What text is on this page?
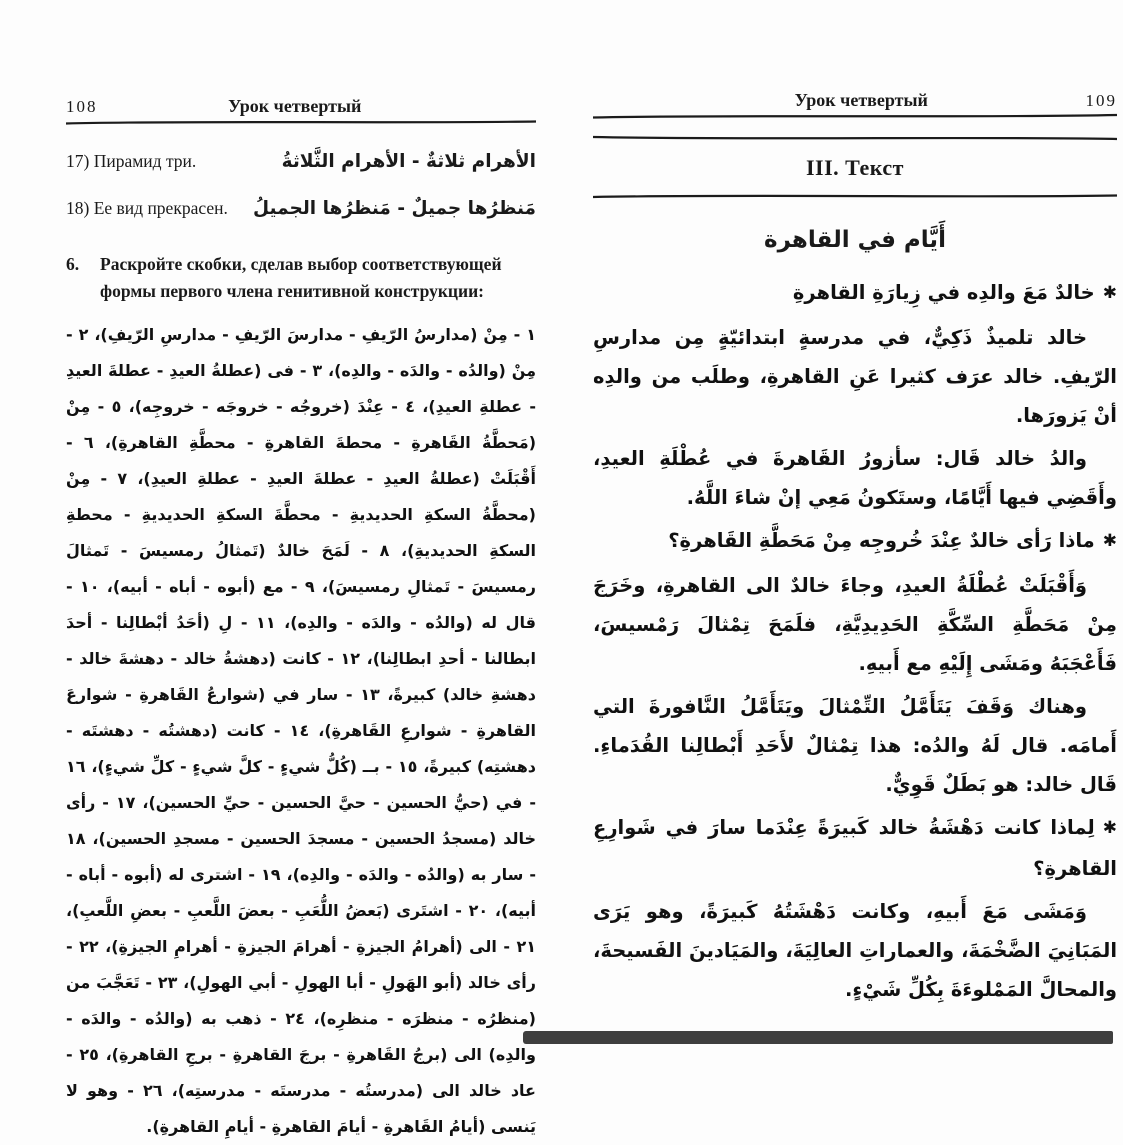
108	Урок четвертый
17) Пирамид три.	الأهرام ثلاثةٌ - الأهرام الثَّلاثةُ
18) Ее вид прекрасен. مَنظرُها جميلٌ - مَنظرُها الجميلُ
6.	Раскройте скобки, сделав выбор соответствующей формы первого члена генитивной конструкции:
١ - مِنْ (مدارسُ الرّيفِ - مدارسَ الرّيفِ - مدارسِ الرّيفِ)، ٢ - مِنْ (والدُه - والدَه - والدِه)، ٣ - فى (عطلةُ العيدِ - عطلةَ العيدِ - عطلةِ العيدِ)، ٤ - عِنْدَ (خروجُه - خروجَه - خروجِه)، ٥ - مِنْ (مَحطَّةُ القَاهرةِ - محطةَ القاهرةِ - محطَّةِ القاهرةِ)، ٦ - أَقْبَلَتْ (عطلةُ العيدِ - عطلةَ العيدِ - عطلةِ العيدِ)، ٧ - مِنْ (محطَّةُ السكةِ الحديديةِ - محطَّةَ السكةِ الحديديةِ - محطةِ السكةِ الحديديةِ)، ٨ - لَمَحَ خالدٌ (تَمثالُ رمسيسَ - تَمثالَ رمسيسَ - تَمثالِ رمسيسَ)، ٩ - مع (أبوه - أباه - أبيه)، ١٠ - قال له (والدُه - والدَه - والدِه)، ١١ - لِ (أحَدُ أبْطالِنا - أحدَ ابطالنا - أحدِ ابطالِنا)، ١٢ - كانت (دهشةُ خالد - دهشةَ خالد - دهشةِ خالد) كبيرةً، ١٣ - سار في (شوارعُ القَاهرةِ - شوارعَ القاهرةِ - شوارعِ القَاهرةِ)، ١٤ - كانت (دهشتُه - دهشتَه - دهشتِه) كبيرةً، ١٥ - بــ (كُلُّ شيءٍ - كلَّ شيءٍ - كلِّ شيءٍ)، ١٦ - في (حيُّ الحسين - حيَّ الحسين - حيِّ الحسين)، ١٧ - رأى خالد (مسجدُ الحسين - مسجدَ الحسين - مسجدِ الحسين)، ١٨ - سار به (والدُه - والدَه - والدِه)، ١٩ - اشترى له (أبوه - أباه - أبيه)، ٢٠ - اشتَرى (بَعضُ اللُّعَبِ - بعضَ اللَّعبِ - بعضِ اللَّعبِ)، ٢١ - الى (أهرامُ الجيزةِ - أهرامَ الجيزةِ - أهرامِ الجيزةِ)، ٢٢ - رأى خالد (أبو الهَولِ - أبا الهولِ - أبي الهولِ)، ٢٣ - تَعَجَّبَ من (منظرُه - منظرَه - منظرِه)، ٢٤ - ذهب به (والدُه - والدَه - والدِه) الى (برجُ القَاهرةِ - برجَ القاهرةِ - برجِ القاهرةِ)، ٢٥ - عاد خالد الى (مدرستُه - مدرستَه - مدرستِه)، ٢٦ - وهو لا يَنسى (أيامُ القَاهرةِ - أيامَ القاهرةِ - أيامِ القاهرةِ).
Урок четвертый	109
III. Текст
أَيَّام في القاهرة

✱خالدٌ مَعَ والدِه في زِيارَةِ القاهرةِ

خالد تلميذٌ ذَكِيٌّ، في مدرسةٍ ابتدائيّةٍ مِن مدارسِ الرّيفِ. خالد عرَف كثيرا عَنِ القاهرةِ، وطلَب من والدِه أنْ يَزورَها.

والدُ خالد قَال: سأزورُ القَاهرةَ في عُطْلَةِ العيدِ، وأَقَضِي فيها أَيَّامًا، وستَكونُ مَعِي إنْ شاءَ اللَّهُ.

✱ماذا رَأى خالدٌ عِنْدَ خُروجِه مِنْ مَحَطَّةِ القَاهرةِ؟

وَأَقْبَلَتْ عُطْلَةُ العيدِ، وجاءَ خالدٌ الى القاهرةِ، وخَرَجَ مِنْ مَحَطَّةِ السِّكَّةِ الحَدِيدِيَّةِ، فلَمَحَ تِمْثالَ رَمْسيسَ، فَأَعْجَبَهُ ومَشَى إِلَيْهِ مع أَبيهِ.

وهناك وَقَفَ يَتَأَمَّلُ التِّمْثالَ ويَتَأَمَّلُ النَّافورةَ التي أَمامَه. قال لَهُ والدُه: هذا تِمْثالٌ لأَحَدِ أَبْطالِنا القُدَماءِ. قَال خالد: هو بَطَلٌ قَوِيٌّ.

✱لِماذا كانت دَهْشَةُ خالد كَبيرَةً عِنْدَما سارَ في شَوارِعِ القاهرةِ؟

وَمَشَى مَعَ أَبيهِ، وكانت دَهْشَتُهُ كَبيرَةً، وهو يَرَى المَبَانِيَ الضَّخْمَةَ، والعماراتِ العالِيَةَ، والمَيَادينَ الفَسيحةَ، والمحالَّ المَمْلوءَةَ بِكُلِّ شَيْءٍ.
